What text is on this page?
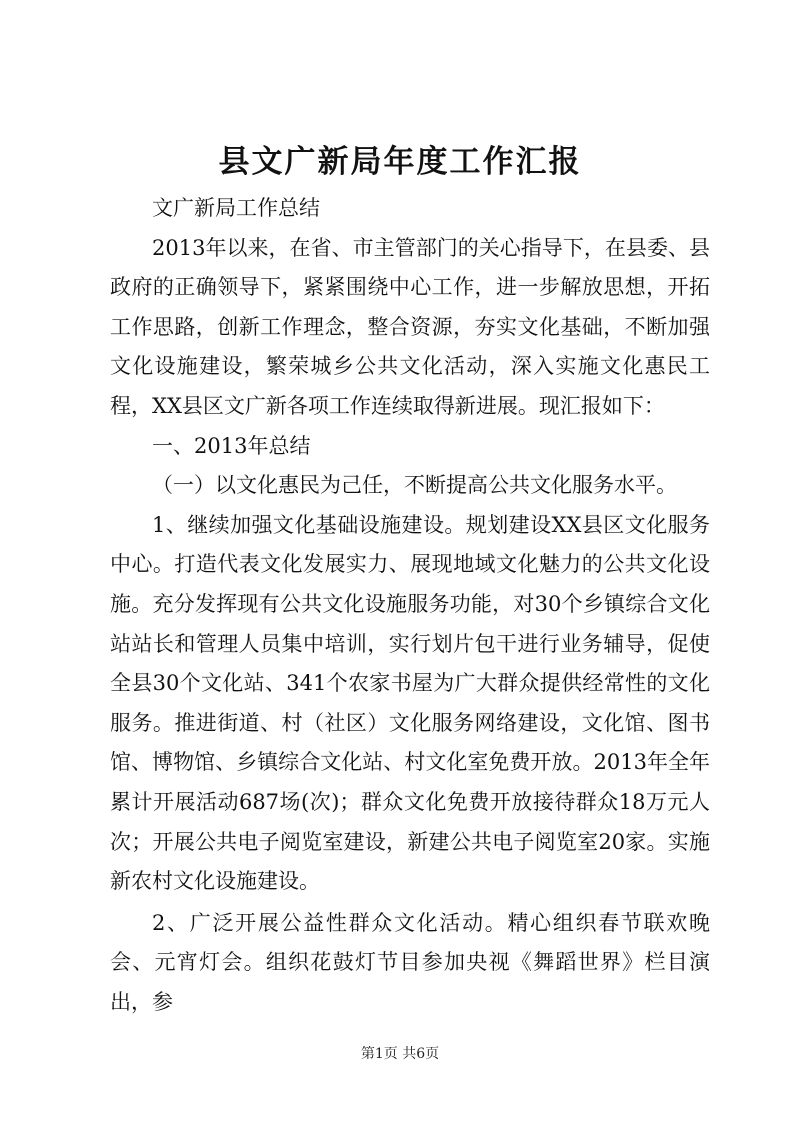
县文广新局年度工作汇报

文广新局工作总结

2013年以来，在省、市主管部门的关心指导下，在县委、县政府的正确领导下，紧紧围绕中心工作，进一步解放思想，开拓工作思路，创新工作理念，整合资源，夯实文化基础，不断加强文化设施建设，繁荣城乡公共文化活动，深入实施文化惠民工程，XX县区文广新各项工作连续取得新进展。现汇报如下：

一、2013年总结

（一）以文化惠民为己任，不断提高公共文化服务水平。

1、继续加强文化基础设施建设。规划建设XX县区文化服务中心。打造代表文化发展实力、展现地域文化魅力的公共文化设施。充分发挥现有公共文化设施服务功能，对30个乡镇综合文化站站长和管理人员集中培训，实行划片包干进行业务辅导，促使全县30个文化站、341个农家书屋为广大群众提供经常性的文化服务。推进街道、村（社区）文化服务网络建设，文化馆、图书馆、博物馆、乡镇综合文化站、村文化室免费开放。2013年全年累计开展活动687场(次)；群众文化免费开放接待群众18万元人次；开展公共电子阅览室建设，新建公共电子阅览室20家。实施新农村文化设施建设。

2、广泛开展公益性群众文化活动。精心组织春节联欢晚会、元宵灯会。组织花鼓灯节目参加央视《舞蹈世界》栏目演出，参

第1页 共6页
